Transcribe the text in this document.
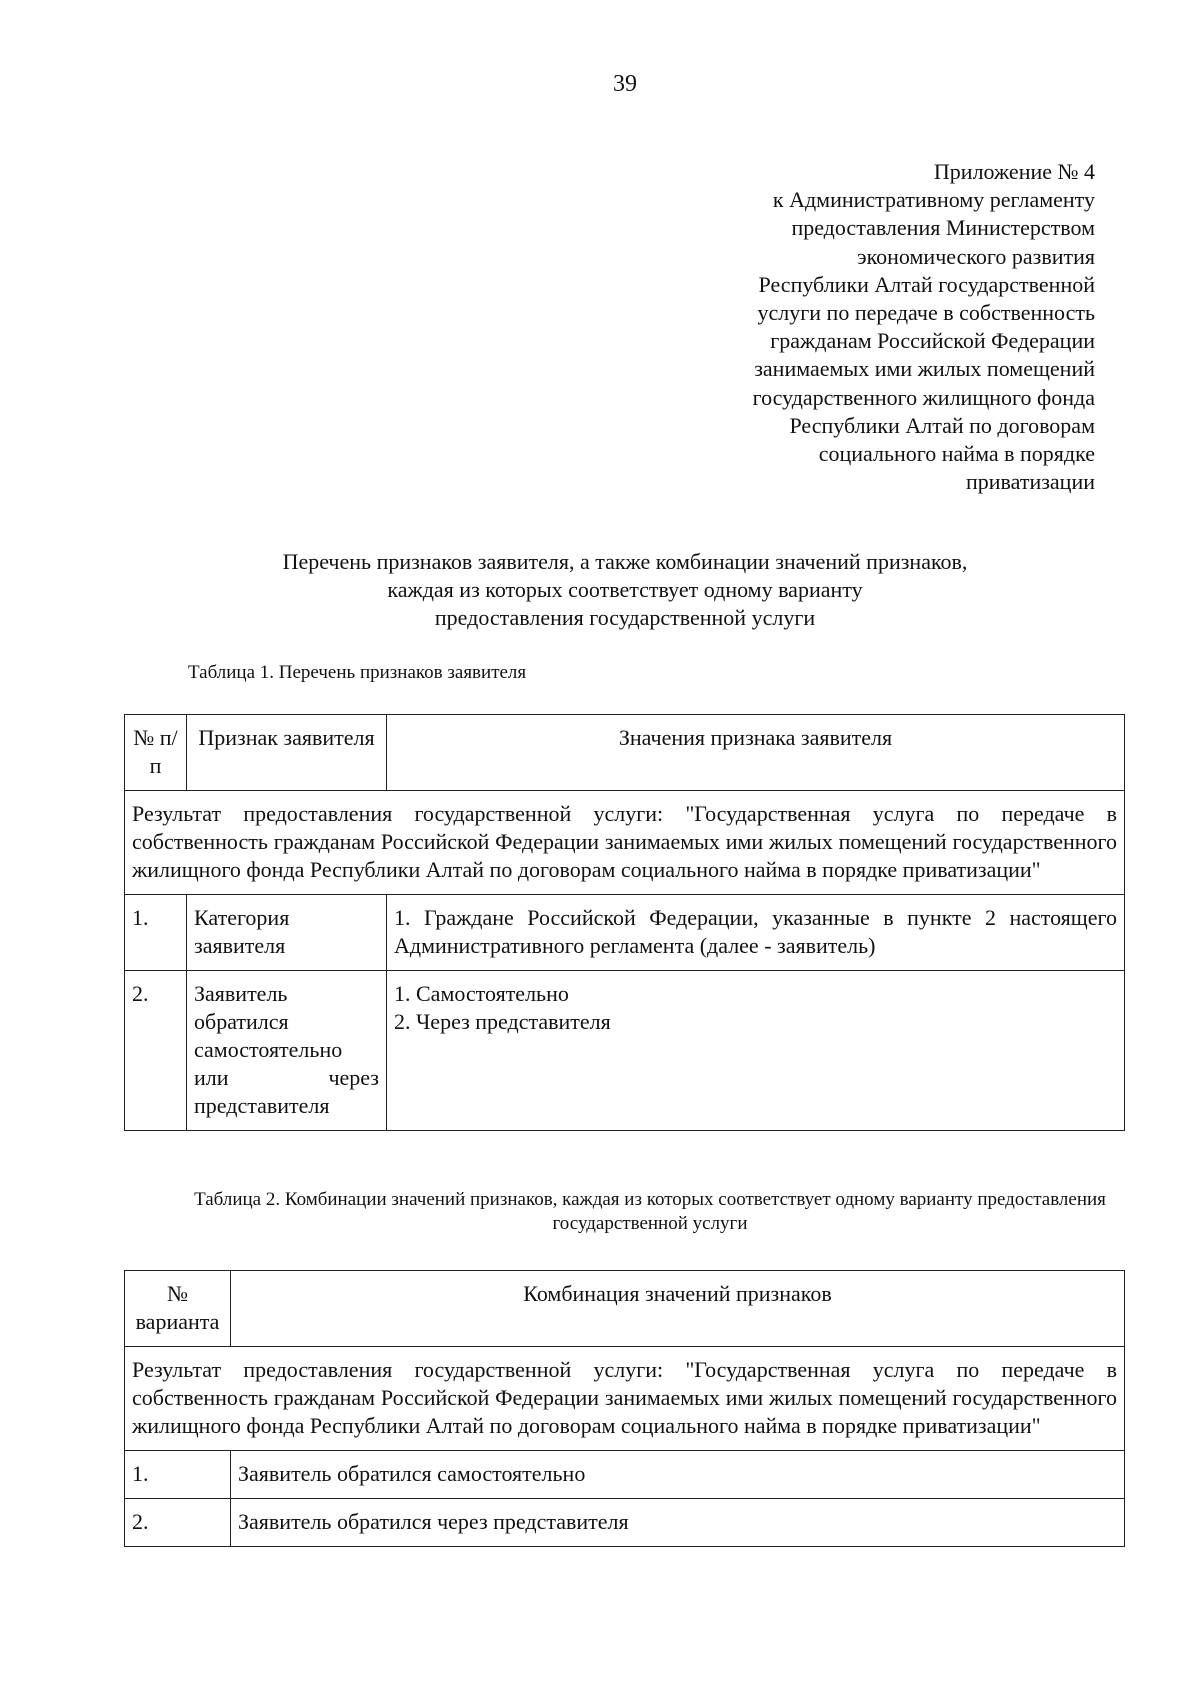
39
Приложение № 4
к Административному регламенту
предоставления Министерством
экономического развития
Республики Алтай государственной
услуги по передаче в собственность
гражданам Российской Федерации
занимаемых ими жилых помещений
государственного жилищного фонда
Республики Алтай по договорам
социального найма в порядке
приватизации
Перечень признаков заявителя, а также комбинации значений признаков,
каждая из которых соответствует одному варианту
предоставления государственной услуги
Таблица 1. Перечень признаков заявителя
№ п/п	Признак заявителя	Значения признака заявителя
Результат предоставления государственной услуги: "Государственная услуга по передаче в собственность гражданам Российской Федерации занимаемых ими жилых помещений государственного жилищного фонда Республики Алтай по договорам социального найма в порядке приватизации"		
1.	Категория заявителя	1. Граждане Российской Федерации, указанные в пункте 2 настоящего Административного регламента (далее - заявитель)
2.	Заявитель обратился самостоятельно или через представителя	1. Самостоятельно
2. Через представителя
Таблица 2. Комбинации значений признаков, каждая из которых соответствует одному варианту предоставления государственной услуги
№ варианта	Комбинация значений признаков
Результат предоставления государственной услуги: "Государственная услуга по передаче в собственность гражданам Российской Федерации занимаемых ими жилых помещений государственного жилищного фонда Республики Алтай по договорам социального найма в порядке приватизации"	
1.	Заявитель обратился самостоятельно
2.	Заявитель обратился через представителя
